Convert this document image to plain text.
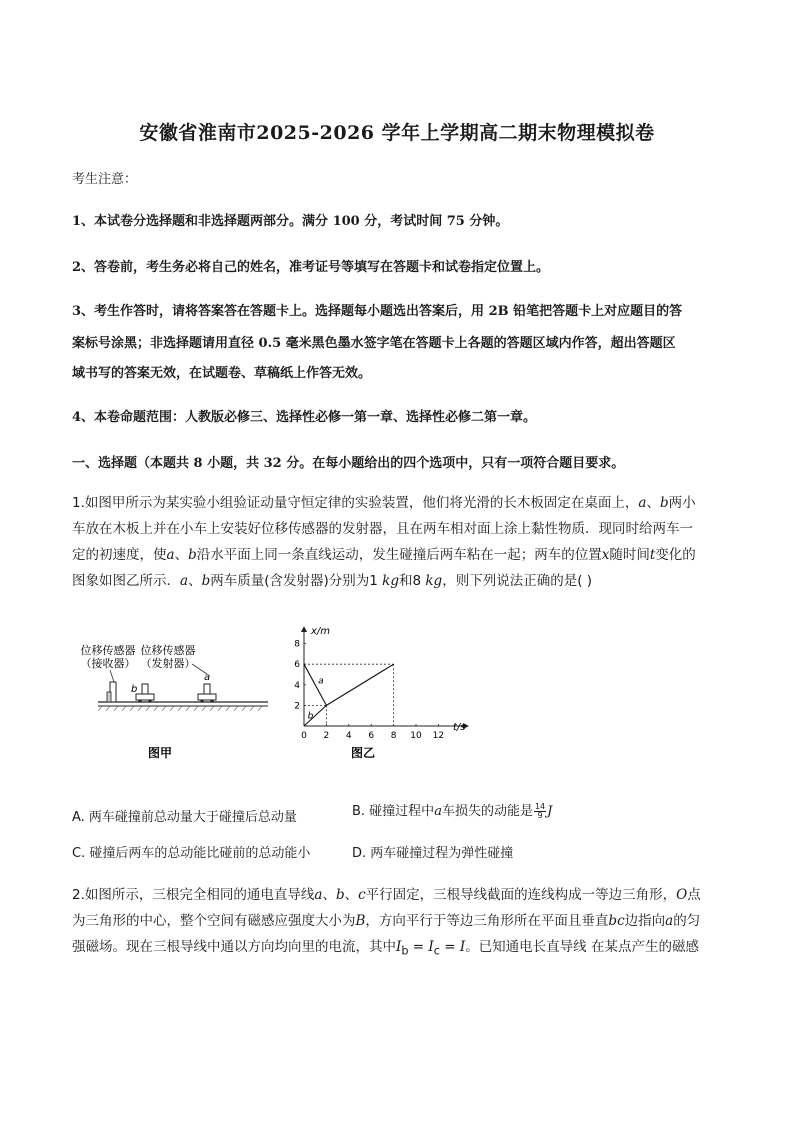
安徽省淮南市2025-2026 学年上学期高二期末物理模拟卷
考生注意：
1、本试卷分选择题和非选择题两部分。满分 100 分，考试时间 75 分钟。
2、答卷前，考生务必将自己的姓名，准考证号等填写在答题卡和试卷指定位置上。
3、考生作答时，请将答案答在答题卡上。选择题每小题选出答案后，用 2B 铅笔把答题卡上对应题目的答
案标号涂黑；非选择题请用直径 0.5 毫米黑色墨水签字笔在答题卡上各题的答题区域内作答，超出答题区
域书写的答案无效，在试题卷、草稿纸上作答无效。
4、本卷命题范围：人教版必修三、选择性必修一第一章、选择性必修二第一章。
一、选择题（本题共 8 小题，共 32 分。在每小题给出的四个选项中，只有一项符合题目要求。
1.如图甲所示为某实验小组验证动量守恒定律的实验装置，他们将光滑的长木板固定在桌面上，a、b两小
车放在木板上并在小车上安装好位移传感器的发射器，且在两车相对面上涂上黏性物质．现同时给两车一
定的初速度，使a、b沿水平面上同一条直线运动，发生碰撞后两车粘在一起；两车的位置x随时间t变化的
图象如图乙所示．a、b两车质量(含发射器)分别为1 kg和8 kg，则下列说法正确的是( )
位移传感器
（接收器）
位移传感器
（发射器）
b
a
图甲
x/m
t/s
图乙
0 2 4 6 8 10 12
2
4
6
8
a
b
A. 两车碰撞前总动量大于碰撞后总动量	B. 碰撞过程中a车损失的动能是 $\frac{14}{9}$ J
C. 碰撞后两车的总动能比碰前的总动能小	D. 两车碰撞过程为弹性碰撞
2.如图所示，三根完全相同的通电直导线a、b、c平行固定，三根导线截面的连线构成一等边三角形，O点
为三角形的中心，整个空间有磁感应强度大小为B，方向平行于等边三角形所在平面且垂直bc边指向a的匀
强磁场。现在三根导线中通以方向均向里的电流，其中$I_b = I_c = I$。已知通电长直导线 在某点产生的磁感
